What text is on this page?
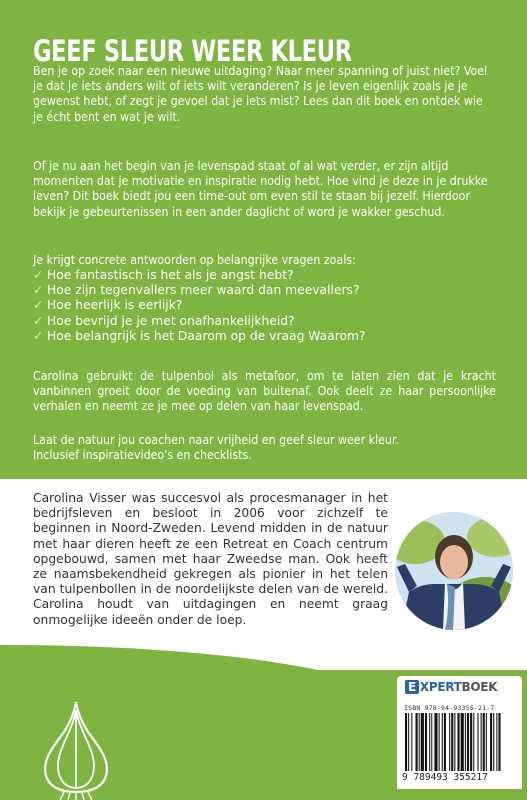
GEEF SLEUR WEER KLEUR
Ben je op zoek naar een nieuwe uitdaging? Naar meer spanning of juist niet? Voel je dat je iets anders wilt of iets wilt veranderen? Is je leven eigenlijk zoals je je gewenst hebt, of zegt je gevoel dat je iets mist? Lees dan dit boek en ontdek wie je écht bent en wat je wilt.
Of je nu aan het begin van je levenspad staat of al wat verder, er zijn altijd momenten dat je motivatie en inspiratie nodig hebt. Hoe vind je deze in je drukke leven? Dit boek biedt jou een time-out om even stil te staan bij jezelf. Hierdoor bekijk je gebeurtenissen in een ander daglicht of word je wakker geschud.
Je krijgt concrete antwoorden op belangrijke vragen zoals:
✓ Hoe fantastisch is het als je angst hebt?
✓ Hoe zijn tegenvallers meer waard dan meevallers?
✓ Hoe heerlijk is eerlijk?
✓ Hoe bevrijd je je met onafhankelijkheid?
✓ Hoe belangrijk is het Daarom op de vraag Waarom?
Carolina gebruikt de tulpenbol als metafoor, om te laten zien dat je kracht vanbinnen groeit door de voeding van buitenaf. Ook deelt ze haar persoonlijke verhalen en neemt ze je mee op delen van haar levenspad.
Laat de natuur jou coachen naar vrijheid en geef sleur weer kleur.
Inclusief inspiratievideo's en checklists.
Carolina Visser was succesvol als procesmanager in het bedrijfsleven en besloot in 2006 voor zichzelf te beginnen in Noord-Zweden. Levend midden in de natuur met haar dieren heeft ze een Retreat en Coach centrum opgebouwd, samen met haar Zweedse man. Ook heeft ze naamsbekendheid gekregen als pionier in het telen van tulpenbollen in de noordelijkste delen van de wereld. Carolina houdt van uitdagingen en neemt graag onmogelijke ideeën onder de loep.
E XPERTBOEK
ISBN 978-94-93355-21-7
9 789493 355217
